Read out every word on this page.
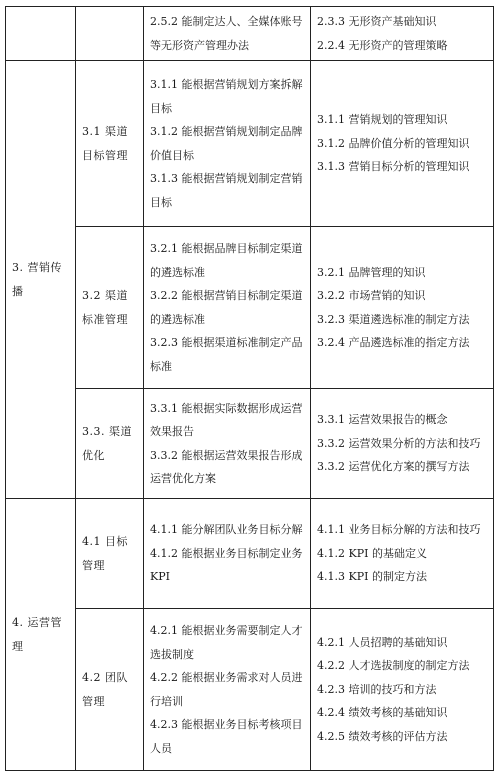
		2.5.2 能制定达人、全媒体账号等无形资产管理办法	2.3.3 无形资产基础知识
2.2.4 无形资产的管理策略

3. 营销传播	3.1 渠道目标管理	3.1.1 能根据营销规划方案拆解目标
3.1.2 能根据营销规划制定品牌价值目标
3.1.3 能根据营销规划制定营销目标	3.1.1 营销规划的管理知识
3.1.2 品牌价值分析的管理知识
3.1.3 营销目标分析的管理知识

	3.2 渠道标准管理	3.2.1 能根据品牌目标制定渠道的遴选标准
3.2.2 能根据营销目标制定渠道的遴选标准
3.2.3 能根据渠道标准制定产品标准	3.2.1 品牌管理的知识
3.2.2 市场营销的知识
3.2.3 渠道遴选标准的制定方法
3.2.4 产品遴选标准的指定方法

	3.3. 渠道优化	3.3.1 能根据实际数据形成运营效果报告
3.3.2 能根据运营效果报告形成运营优化方案	3.3.1 运营效果报告的概念
3.3.2 运营效果分析的方法和技巧
3.3.2 运营优化方案的撰写方法

4. 运营管理	4.1 目标管理	4.1.1 能分解团队业务目标分解
4.1.2 能根据业务目标制定业务 KPI	4.1.1 业务目标分解的方法和技巧
4.1.2 KPI 的基础定义
4.1.3 KPI 的制定方法

	4.2 团队管理	4.2.1 能根据业务需要制定人才选拔制度
4.2.2 能根据业务需求对人员进行培训
4.2.3 能根据业务目标考核项目人员	4.2.1 人员招聘的基础知识
4.2.2 人才选拔制度的制定方法
4.2.3 培训的技巧和方法
4.2.4 绩效考核的基础知识
4.2.5 绩效考核的评估方法
